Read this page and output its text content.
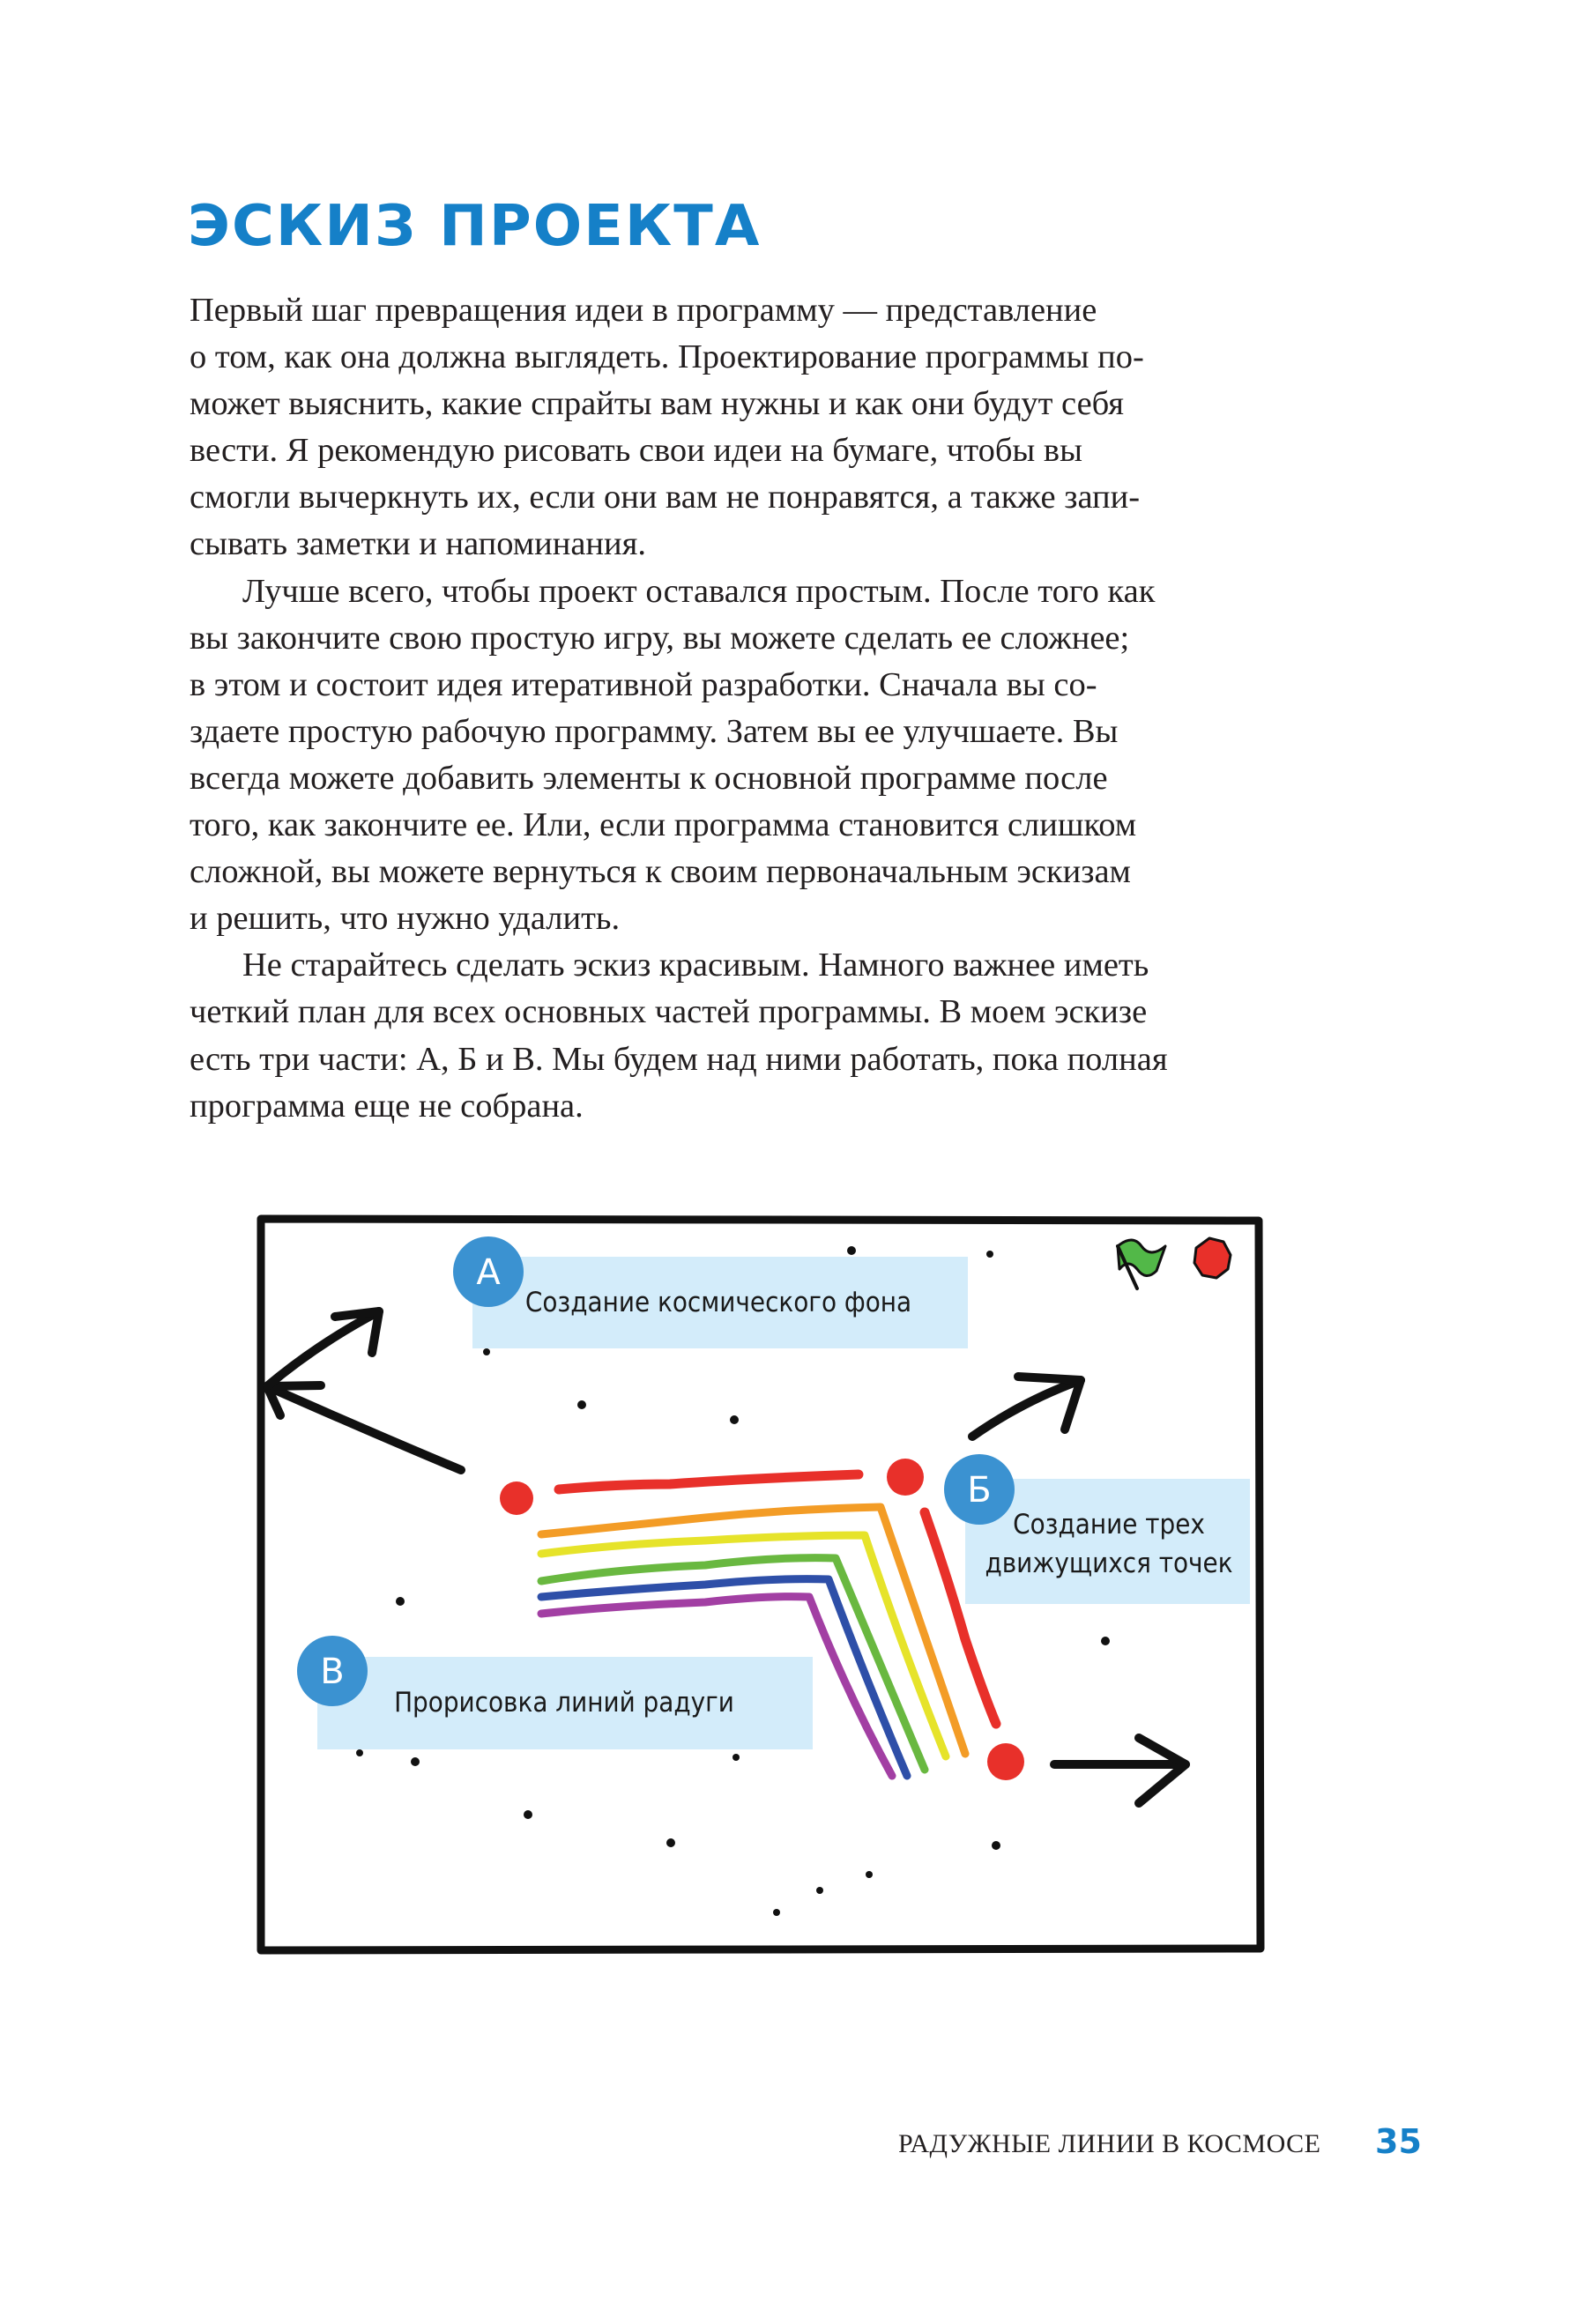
ЭСКИЗ ПРОЕКТА
Первый шаг превращения идеи в программу — представление
о том, как она должна выглядеть. Проектирование программы по-
может выяснить, какие спрайты вам нужны и как они будут себя
вести. Я рекомендую рисовать свои идеи на бумаге, чтобы вы
смогли вычеркнуть их, если они вам не понравятся, а также запи-
сывать заметки и напоминания.
Лучше всего, чтобы проект оставался простым. После того как
вы закончите свою простую игру, вы можете сделать ее сложнее;
в этом и состоит идея итеративной разработки. Сначала вы со-
здаете простую рабочую программу. Затем вы ее улучшаете. Вы
всегда можете добавить элементы к основной программе после
того, как закончите ее. Или, если программа становится слишком
сложной, вы можете вернуться к своим первоначальным эскизам
и решить, что нужно удалить.
Не старайтесь сделать эскиз красивым. Намного важнее иметь
четкий план для всех основных частей программы. В моем эскизе
есть три части: А, Б и В. Мы будем над ними работать, пока полная
программа еще не собрана.
А
Создание космического фона
Б
Создание трех
движущихся точек
В
Прорисовка линий радуги
РАДУЖНЫЕ ЛИНИИ В КОСМОСЕ 35
